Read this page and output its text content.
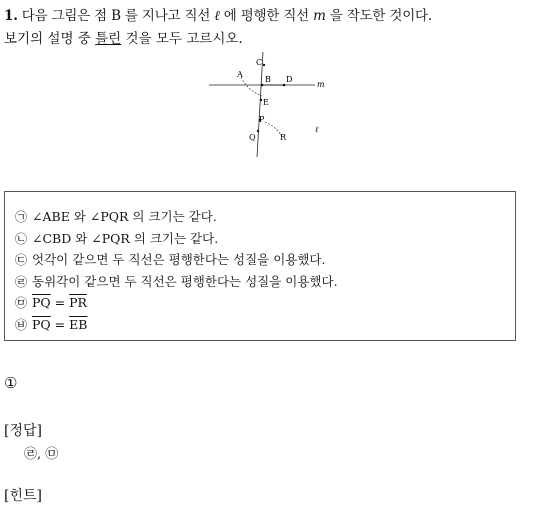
1. 다음 그림은 점 B 를 지나고 직선 ℓ 에 평행한 직선 m 을 작도한 것이다.
보기의 설명 중 틀린 것을 모두 고르시오.
A
B
C
D
E
P
Q	R
m
ℓ
㉠ ∠ABE 와 ∠PQR 의 크기는 같다.
㉡ ∠CBD 와 ∠PQR 의 크기는 같다.
㉢ 엇각이 같으면 두 직선은 평행한다는 성질을 이용했다.
㉣ 동위각이 같으면 두 직선은 평행한다는 성질을 이용했다.
㉤ $\overline{PQ} = \overline{PR}$
㉥ $\overline{PQ} = \overline{EB}$
①
[정답]
㉣, ㉤
[힌트]
